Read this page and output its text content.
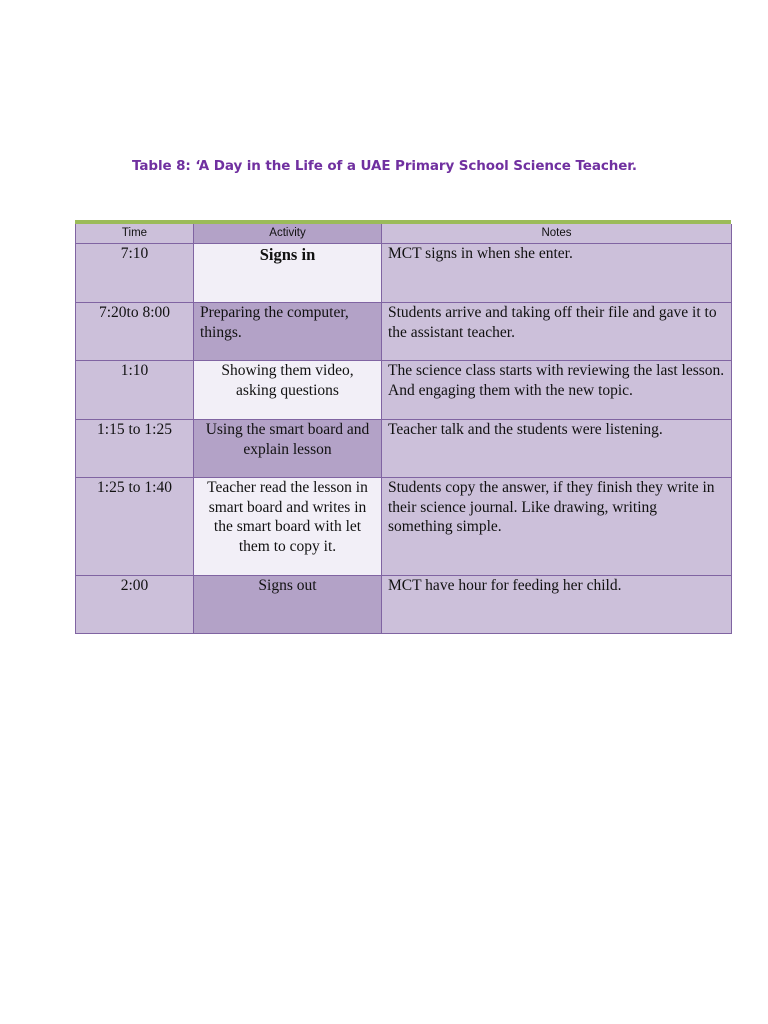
Table 8: ‘A Day in the Life of a UAE Primary School Science Teacher.
Time	Activity	Notes
7:10	Signs in	MCT signs in when she enter.
7:20to 8:00	Preparing the computer, things.	Students arrive and taking off their file and gave it to the assistant teacher.
1:10	Showing them video, asking questions	The science class starts with reviewing the last lesson. And engaging them with the new topic.
1:15 to 1:25	Using the smart board and explain lesson	Teacher talk and the students were listening.
1:25 to 1:40	Teacher read the lesson in smart board and writes in the smart board with let them to copy it.	Students copy the answer, if they finish they write in their science journal. Like drawing, writing something simple.
2:00	Signs out	MCT have hour for feeding her child.
